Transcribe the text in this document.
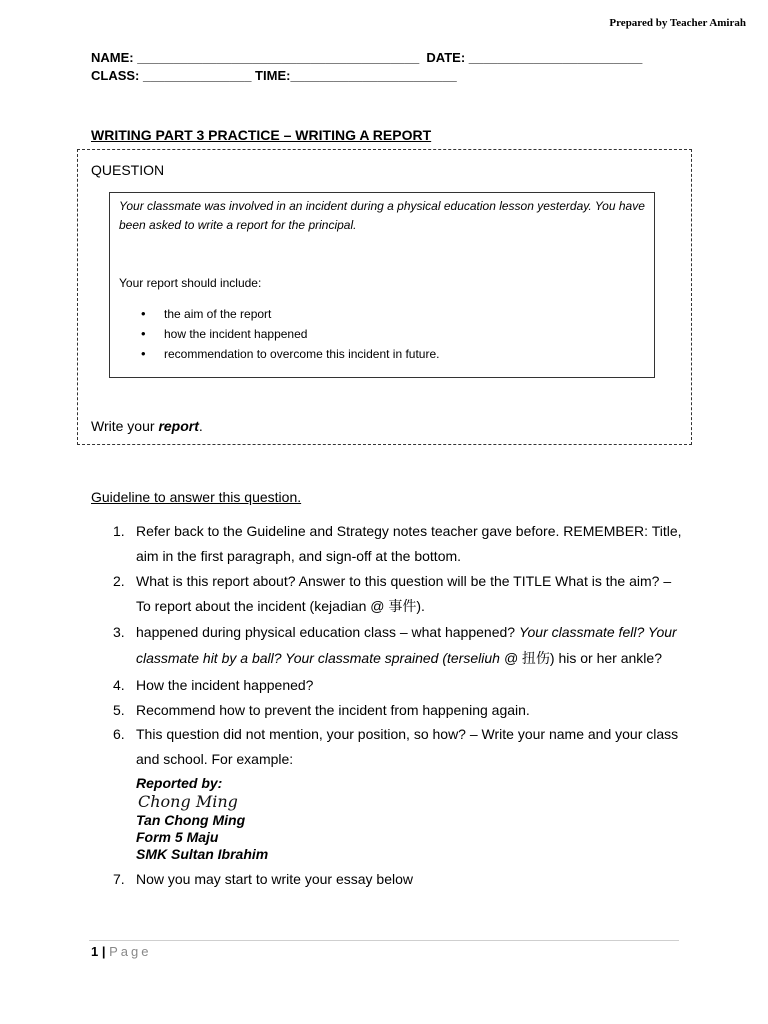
Prepared by Teacher Amirah
NAME: _______________________________________  DATE: ________________________
CLASS: _______________ TIME:_______________________
WRITING PART 3 PRACTICE – WRITING A REPORT
QUESTION
Your classmate was involved in an incident during a physical education lesson yesterday. You have been asked to write a report for the principal.
Your report should include:
• the aim of the report
• how the incident happened
• recommendation to overcome this incident in future.
Write your report.
Guideline to answer this question.
1. Refer back to the Guideline and Strategy notes teacher gave before. REMEMBER: Title,
aim in the first paragraph, and sign-off at the bottom.
2. What is this report about? Answer to this question will be the TITLE What is the aim? –
To report about the incident (kejadian @ 事件).
3. happened during physical education class – what happened? Your classmate fell? Your
classmate hit by a ball? Your classmate sprained (terseliuh @ 扭伤) his or her ankle?
4. How the incident happened?
5. Recommend how to prevent the incident from happening again.
6. This question did not mention, your position, so how? – Write your name and your class
and school. For example:
Reported by:
Chong Ming
Tan Chong Ming
Form 5 Maju
SMK Sultan Ibrahim
7. Now you may start to write your essay below
1 | Page
